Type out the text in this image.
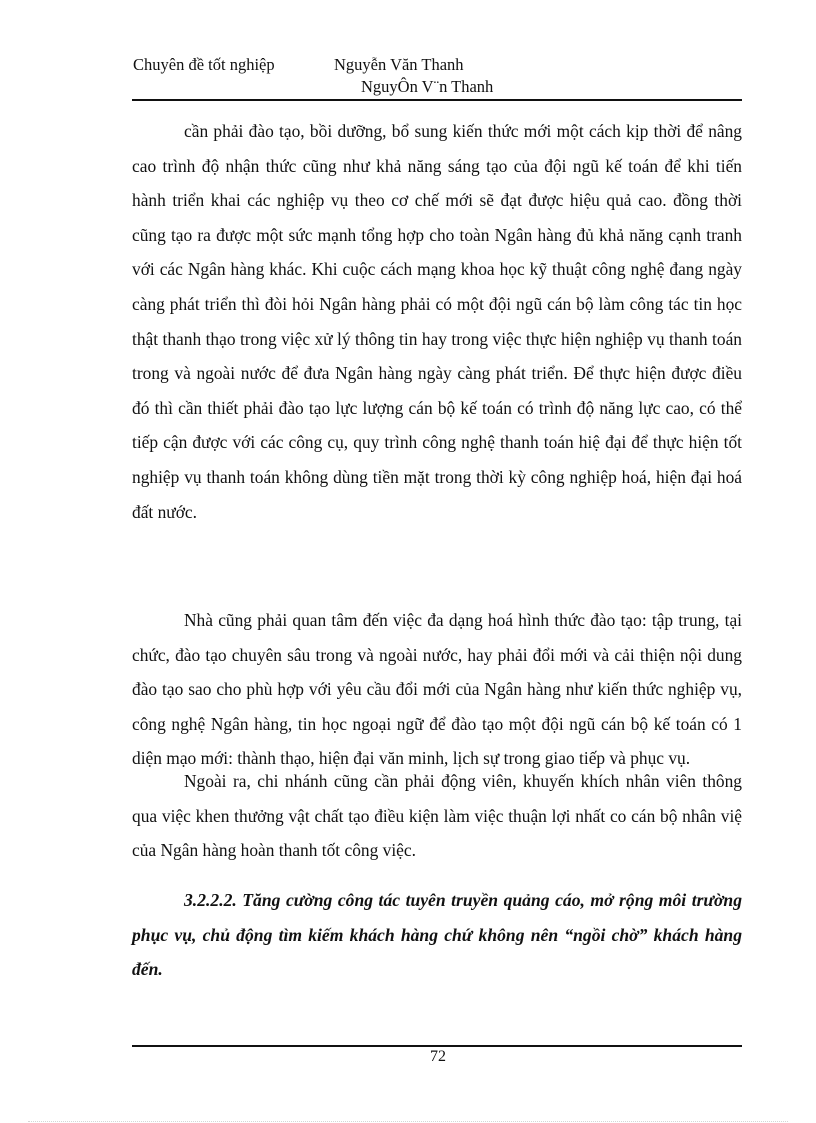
Chuyên đề tốt nghiệp	Nguyễn Văn Thanh
NguyÔn V¨n Thanh

cần phải đào tạo, bồi dưỡng, bổ sung kiến thức mới một cách kịp thời để nâng cao trình độ nhận thức cũng như khả năng sáng tạo của đội ngũ kế toán để khi tiến hành triển khai các nghiệp vụ theo cơ chế mới sẽ đạt được hiệu quả cao. đồng thời cũng tạo ra được một sức mạnh tổng hợp cho toàn Ngân hàng đủ khả năng cạnh tranh với các Ngân hàng khác. Khi cuộc cách mạng khoa học kỹ thuật công nghệ đang ngày càng phát triển thì đòi hỏi Ngân hàng phải có một đội ngũ cán bộ làm công tác tin học thật thanh thạo trong việc xử lý thông tin hay trong việc thực hiện nghiệp vụ thanh toán trong và ngoài nước để đưa Ngân hàng ngày càng phát triển. Để thực hiện được điều đó thì cần thiết phải đào tạo lực lượng cán bộ kế toán có trình độ năng lực cao, có thể tiếp cận được với các công cụ, quy trình công nghệ thanh toán hiệ đại để thực hiện tốt nghiệp vụ thanh toán không dùng tiền mặt trong thời kỳ công nghiệp hoá, hiện đại hoá đất nước.

Nhà cũng phải quan tâm đến việc đa dạng hoá hình thức đào tạo: tập trung, tại chức, đào tạo chuyên sâu trong và ngoài nước, hay phải đổi mới và cải thiện nội dung đào tạo sao cho phù hợp với yêu cầu đổi mới của Ngân hàng như kiến thức nghiệp vụ, công nghệ Ngân hàng, tin học ngoại ngữ để đào tạo một đội ngũ cán bộ kế toán có 1 diện mạo mới: thành thạo, hiện đại văn minh, lịch sự trong giao tiếp và phục vụ.

Ngoài ra, chi nhánh cũng cần phải động viên, khuyến khích nhân viên thông qua việc khen thưởng vật chất tạo điều kiện làm việc thuận lợi nhất co cán bộ nhân việ của Ngân hàng hoàn thanh tốt công việc.

3.2.2.2. Tăng cường công tác tuyên truyền quảng cáo, mở rộng môi trường phục vụ, chủ động tìm kiếm khách hàng chứ không nên “ngồi chờ” khách hàng đến.

72
